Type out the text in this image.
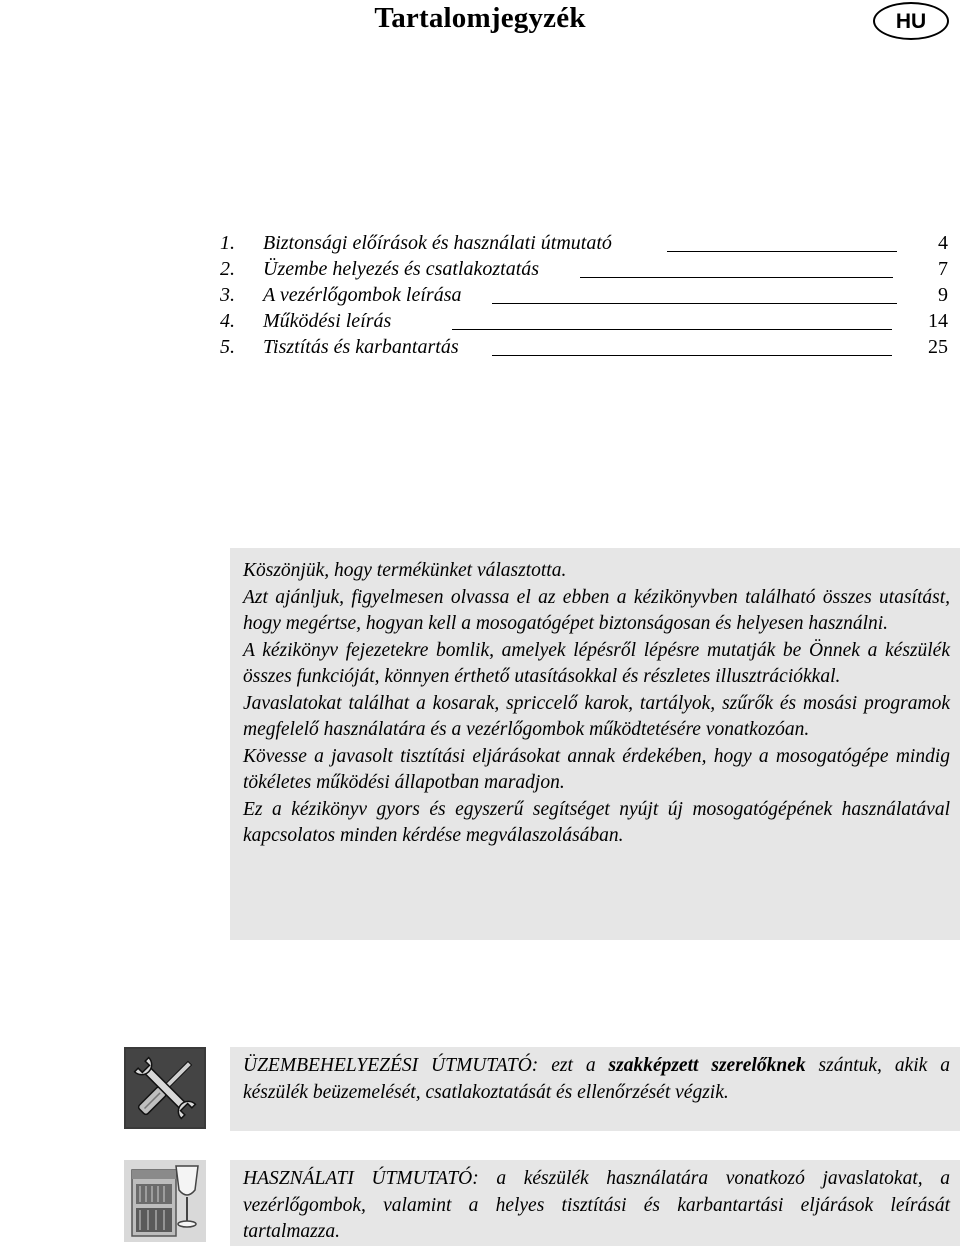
Tartalomjegyzék	HU
1.	Biztonsági előírások és használati útmutató	4
2.	Üzembe helyezés és csatlakoztatás	7
3.	A vezérlőgombok leírása	9
4.	Működési leírás	14
5.	Tisztítás és karbantartás	25

Köszönjük, hogy termékünket választotta.

Azt ajánljuk, figyelmesen olvassa el az ebben a kézikönyvben található összes utasítást, hogy megértse, hogyan kell a mosogatógépet biztonságosan és helyesen használni.

A kézikönyv fejezetekre bomlik, amelyek lépésről lépésre mutatják be Önnek a készülék összes funkcióját, könnyen érthető utasításokkal és részletes illusztrációkkal.

Javaslatokat találhat a kosarak, spriccelő karok, tartályok, szűrők és mosási programok megfelelő használatára és a vezérlőgombok működtetésére vonatkozóan.

Kövesse a javasolt tisztítási eljárásokat annak érdekében, hogy a mosogatógépe mindig tökéletes működési állapotban maradjon.

Ez a kézikönyv gyors és egyszerű segítséget nyújt új mosogatógépének használatával kapcsolatos minden kérdése megválaszolásában.

ÜZEMBEHELYEZÉSI ÚTMUTATÓ: ezt a szakképzett szerelőknek szántuk, akik a készülék beüzemelését, csatlakoztatását és ellenőrzését végzik.
HASZNÁLATI ÚTMUTATÓ: a készülék használatára vonatkozó javaslatokat, a vezérlőgombok, valamint a helyes tisztítási és karbantartási eljárások leírását tartalmazza.
